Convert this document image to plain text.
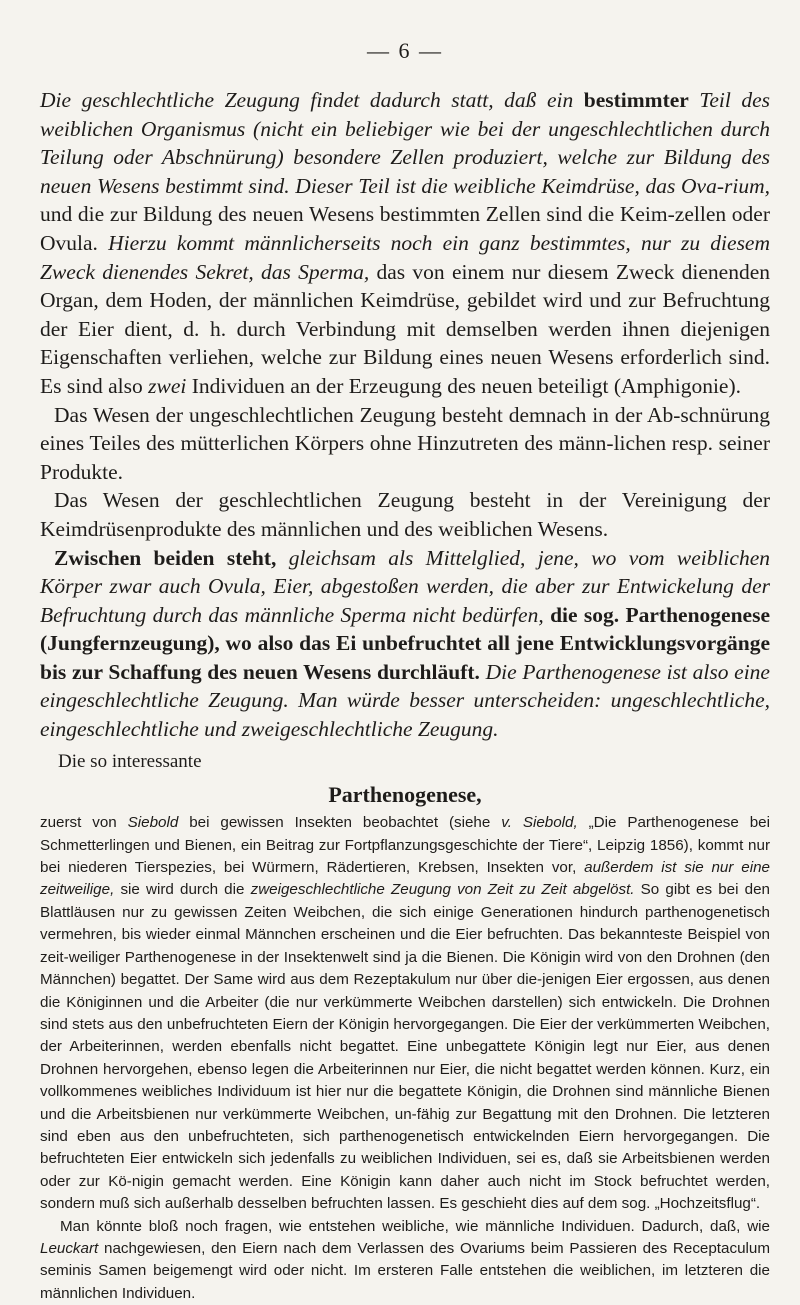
— 6 —

Die geschlechtliche Zeugung findet dadurch statt, daß ein bestimmter Teil des weiblichen Organismus (nicht ein beliebiger wie bei der ungeschlechtlichen durch Teilung oder Abschnürung) besondere Zellen produziert, welche zur Bildung des neuen Wesens bestimmt sind. Dieser Teil ist die weibliche Keimdrüse, das Ova-rium, und die zur Bildung des neuen Wesens bestimmten Zellen sind die Keim-zellen oder Ovula. Hierzu kommt männlicherseits noch ein ganz bestimmtes, nur zu diesem Zweck dienendes Sekret, das Sperma, das von einem nur diesem Zweck dienenden Organ, dem Hoden, der männlichen Keimdrüse, gebildet wird und zur Befruchtung der Eier dient, d. h. durch Verbindung mit demselben werden ihnen diejenigen Eigenschaften verliehen, welche zur Bildung eines neuen Wesens erforderlich sind. Es sind also zwei Individuen an der Erzeugung des neuen beteiligt (Amphigonie).

Das Wesen der ungeschlechtlichen Zeugung besteht demnach in der Ab-schnürung eines Teiles des mütterlichen Körpers ohne Hinzutreten des männ-lichen resp. seiner Produkte.

Das Wesen der geschlechtlichen Zeugung besteht in der Vereinigung der Keimdrüsenprodukte des männlichen und des weiblichen Wesens.

Zwischen beiden steht, gleichsam als Mittelglied, jene, wo vom weiblichen Körper zwar auch Ovula, Eier, abgestoßen werden, die aber zur Entwickelung der Befruchtung durch das männliche Sperma nicht bedürfen, die sog. Parthenogenese (Jungfernzeugung), wo also das Ei unbefruchtet all jene Entwicklungsvorgänge bis zur Schaffung des neuen Wesens durchläuft. Die Parthenogenese ist also eine eingeschlechtliche Zeugung. Man würde besser unterscheiden: ungeschlechtliche, eingeschlechtliche und zweigeschlechtliche Zeugung.

Die so interessante

Parthenogenese,

zuerst von Siebold bei gewissen Insekten beobachtet (siehe v. Siebold, „Die Parthenogenese bei Schmetterlingen und Bienen, ein Beitrag zur Fortpflanzungsgeschichte der Tiere“, Leipzig 1856), kommt nur bei niederen Tierspezies, bei Würmern, Rädertieren, Krebsen, Insekten vor, außerdem ist sie nur eine zeitweilige, sie wird durch die zweigeschlechtliche Zeugung von Zeit zu Zeit abgelöst. So gibt es bei den Blattläusen nur zu gewissen Zeiten Weibchen, die sich einige Generationen hindurch parthenogenetisch vermehren, bis wieder einmal Männchen erscheinen und die Eier befruchten. Das bekannteste Beispiel von zeit-weiliger Parthenogenese in der Insektenwelt sind ja die Bienen. Die Königin wird von den Drohnen (den Männchen) begattet. Der Same wird aus dem Rezeptakulum nur über die-jenigen Eier ergossen, aus denen die Königinnen und die Arbeiter (die nur verkümmerte Weibchen darstellen) sich entwickeln. Die Drohnen sind stets aus den unbefruchteten Eiern der Königin hervorgegangen. Die Eier der verkümmerten Weibchen, der Arbeiterinnen, werden ebenfalls nicht begattet. Eine unbegattete Königin legt nur Eier, aus denen Drohnen hervorgehen, ebenso legen die Arbeiterinnen nur Eier, die nicht begattet werden können. Kurz, ein vollkommenes weibliches Individuum ist hier nur die begattete Königin, die Drohnen sind männliche Bienen und die Arbeitsbienen nur verkümmerte Weibchen, un-fähig zur Begattung mit den Drohnen. Die letzteren sind eben aus den unbefruchteten, sich parthenogenetisch entwickelnden Eiern hervorgegangen. Die befruchteten Eier entwickeln sich jedenfalls zu weiblichen Individuen, sei es, daß sie Arbeitsbienen werden oder zur Kö-nigin gemacht werden. Eine Königin kann daher auch nicht im Stock befruchtet werden, sondern muß sich außerhalb desselben befruchten lassen. Es geschieht dies auf dem sog. „Hochzeitsflug“.

Man könnte bloß noch fragen, wie entstehen weibliche, wie männliche Individuen. Dadurch, daß, wie Leuckart nachgewiesen, den Eiern nach dem Verlassen des Ovariums beim Passieren des Receptaculum seminis Samen beigemengt wird oder nicht. Im ersteren Falle entstehen die weiblichen, im letzteren die männlichen Individuen.
